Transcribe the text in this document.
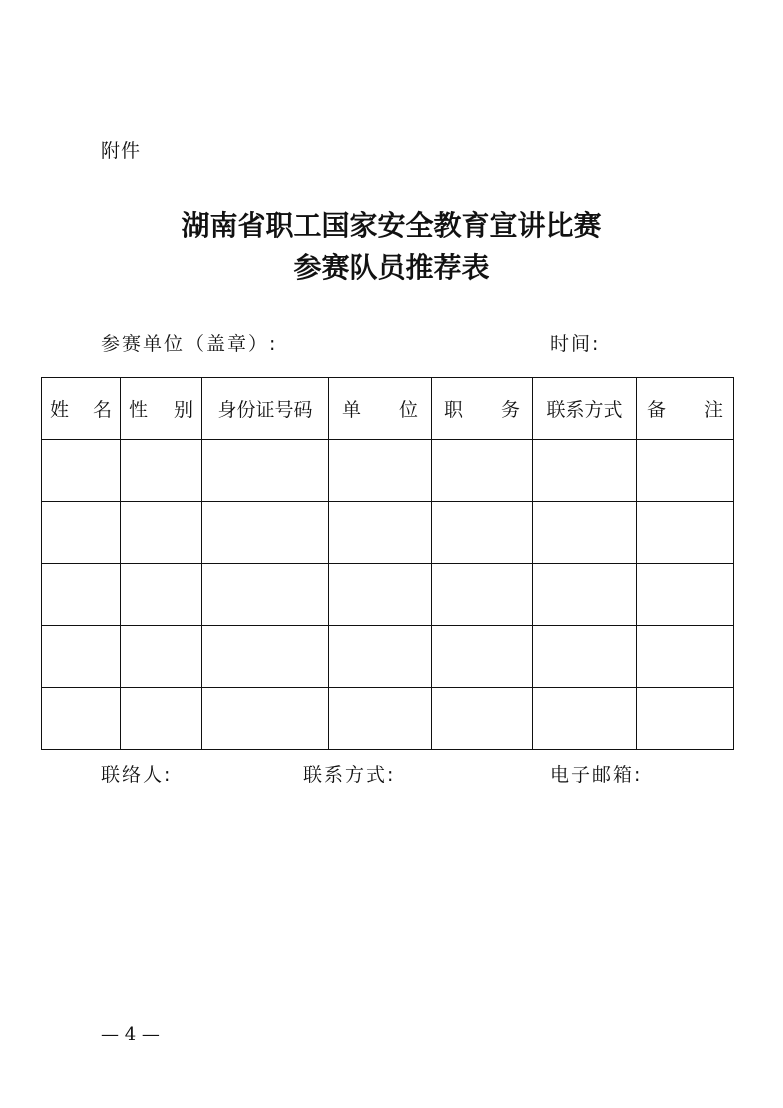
附件
湖南省职工国家安全教育宣讲比赛
参赛队员推荐表
参赛单位（盖章）:	时间:
姓 名	性 别	身份证号码	单 位	职 务	联系方式	备 注

联络人:	联系方式:	电子邮箱:
— 4 —
